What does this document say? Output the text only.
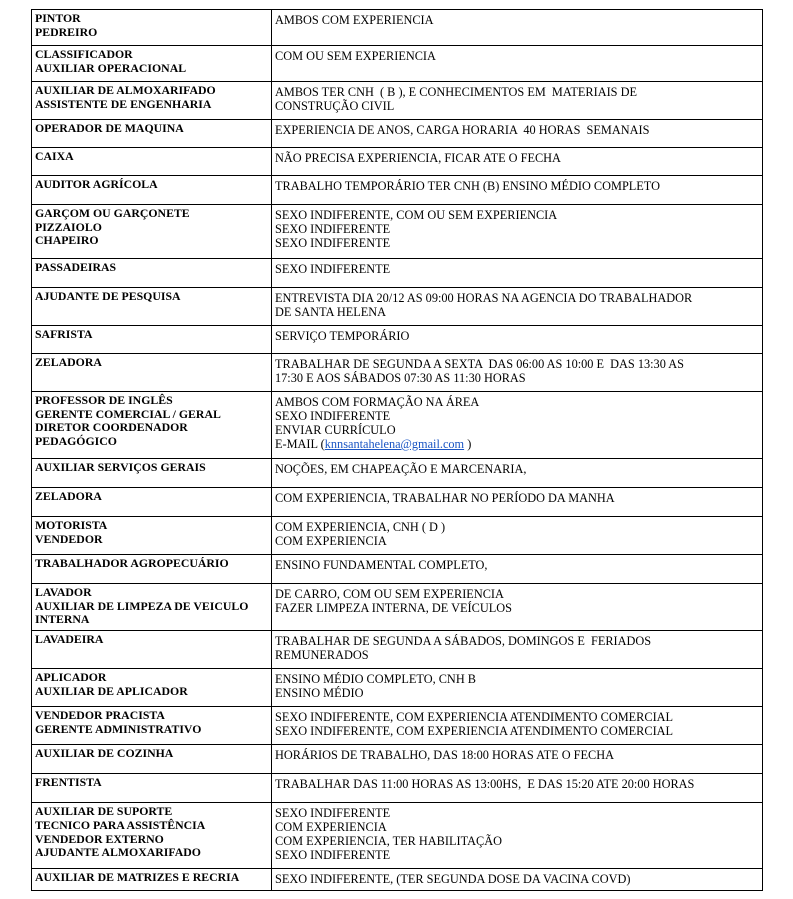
PINTOR
PEDREIRO	AMBOS COM EXPERIENCIA

CLASSIFICADOR
AUXILIAR OPERACIONAL	COM OU SEM EXPERIENCIA

AUXILIAR DE ALMOXARIFADO
ASSISTENTE DE ENGENHARIA	AMBOS TER CNH  ( B ), E CONHECIMENTOS EM  MATERIAIS DE
CONSTRUÇÃO CIVIL

OPERADOR DE MAQUINA	EXPERIENCIA DE ANOS, CARGA HORARIA  40 HORAS  SEMANAIS

CAIXA	NÃO PRECISA EXPERIENCIA, FICAR ATE O FECHA

AUDITOR AGRÍCOLA	TRABALHO TEMPORÁRIO TER CNH (B) ENSINO MÉDIO COMPLETO

GARÇOM OU GARÇONETE
PIZZAIOLO
CHAPEIRO	SEXO INDIFERENTE, COM OU SEM EXPERIENCIA
SEXO INDIFERENTE
SEXO INDIFERENTE

PASSADEIRAS	SEXO INDIFERENTE

AJUDANTE DE PESQUISA	ENTREVISTA DIA 20/12 AS 09:00 HORAS NA AGENCIA DO TRABALHADOR
DE SANTA HELENA

SAFRISTA	SERVIÇO TEMPORÁRIO

ZELADORA	TRABALHAR DE SEGUNDA A SEXTA  DAS 06:00 AS 10:00 E  DAS 13:30 AS
17:30 E AOS SÁBADOS 07:30 AS 11:30 HORAS

PROFESSOR DE INGLÊS
GERENTE COMERCIAL / GERAL
DIRETOR COORDENADOR
PEDAGÓGICO	AMBOS COM FORMAÇÃO NA ÁREA
SEXO INDIFERENTE
ENVIAR CURRÍCULO
E-MAIL (knnsantahelena@gmail.com )

AUXILIAR SERVIÇOS GERAIS	NOÇÕES, EM CHAPEAÇÃO E MARCENARIA,

ZELADORA	COM EXPERIENCIA, TRABALHAR NO PERÍODO DA MANHA

MOTORISTA
VENDEDOR	COM EXPERIENCIA, CNH ( D )
COM EXPERIENCIA

TRABALHADOR AGROPECUÁRIO	ENSINO FUNDAMENTAL COMPLETO,

LAVADOR
AUXILIAR DE LIMPEZA DE VEICULO
INTERNA	DE CARRO, COM OU SEM EXPERIENCIA
FAZER LIMPEZA INTERNA, DE VEÍCULOS

LAVADEIRA	TRABALHAR DE SEGUNDA A SÁBADOS, DOMINGOS E  FERIADOS
REMUNERADOS

APLICADOR
AUXILIAR DE APLICADOR	ENSINO MÉDIO COMPLETO, CNH B
ENSINO MÉDIO

VENDEDOR PRACISTA
GERENTE ADMINISTRATIVO	SEXO INDIFERENTE, COM EXPERIENCIA ATENDIMENTO COMERCIAL
SEXO INDIFERENTE, COM EXPERIENCIA ATENDIMENTO COMERCIAL

AUXILIAR DE COZINHA	HORÁRIOS DE TRABALHO, DAS 18:00 HORAS ATE O FECHA

FRENTISTA	TRABALHAR DAS 11:00 HORAS AS 13:00HS,  E DAS 15:20 ATE 20:00 HORAS

AUXILIAR DE SUPORTE
TECNICO PARA ASSISTÊNCIA
VENDEDOR EXTERNO
AJUDANTE ALMOXARIFADO	SEXO INDIFERENTE
COM EXPERIENCIA
COM EXPERIENCIA, TER HABILITAÇÃO
SEXO INDIFERENTE

AUXILIAR DE MATRIZES E RECRIA	SEXO INDIFERENTE, (TER SEGUNDA DOSE DA VACINA COVD)
